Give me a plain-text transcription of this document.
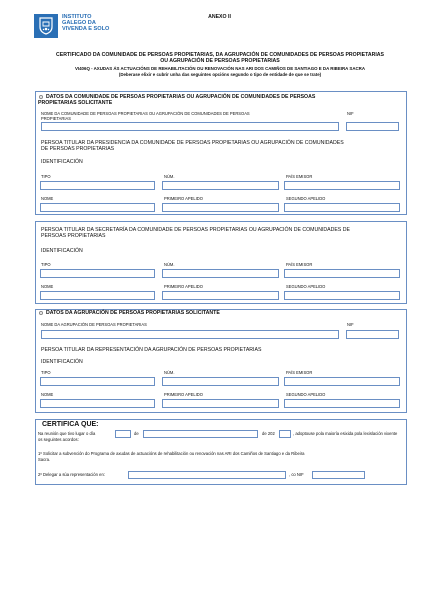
INSTITUTO
GALEGO DA
VIVENDA E SOLO
ANEXO II
CERTIFICADO DA COMUNIDADE DE PERSOAS PROPIETARIAS, DA AGRUPACIÓN DE COMUNIDADES DE PERSOAS PROPIETARIAS
OU AGRUPACIÓN DE PERSOAS PROPIETARIAS
VI406Q - AXUDAS ÁS ACTUACIÓNS DE REHABILITACIÓN OU RENOVACIÓN NAS ARI DOS CAMIÑOS DE SANTIAGO E DA RIBEIRA SACRA
(Deberase elixir e cubrir unha das seguintes opcións segundo o tipo de entidade de que se trate)
DATOS DA COMUNIDADE DE PERSOAS PROPIETARIAS OU AGRUPACIÓN DE COMUNIDADES DE PERSOAS
PROPIETARIAS SOLICITANTE
NOME DA COMUNIDADE DE PERSOAS PROPIETARIAS OU AGRUPACIÓN DE COMUNIDADES DE PERSOAS
PROPIETARIAS
NIF
PERSOA TITULAR DA PRESIDENCIA DA COMUNIDADE DE PERSOAS PROPIETARIAS OU AGRUPACIÓN DE COMUNIDADES
DE PERSOAS PROPIETARIAS
IDENTIFICACIÓN
TIPO	NÚM.	PAÍS EMISOR
NOME	PRIMEIRO APELIDO	SEGUNDO APELIDO
PERSOA TITULAR DA SECRETARÍA DA COMUNIDADE DE PERSOAS PROPIETARIAS OU AGRUPACIÓN DE COMUNIDADES DE
PERSOAS PROPIETARIAS
IDENTIFICACIÓN
TIPO	NÚM.	PAÍS EMISOR
NOME	PRIMEIRO APELIDO	SEGUNDO APELIDO
DATOS DA AGRUPACIÓN DE PERSOAS PROPIETARIAS SOLICITANTE
NOME DA AGRUPACIÓN DE PERSOAS PROPIETARIAS	NIF
PERSOA TITULAR DA REPRESENTACIÓN DA AGRUPACIÓN DE PERSOAS PROPIETARIAS
IDENTIFICACIÓN
TIPO	NÚM.	PAÍS EMISOR
NOME	PRIMEIRO APELIDO	SEGUNDO APELIDO
CERTIFICA QUE:
Na reunión que tivo lugar o día	de	de 202	, adoptouse pola maioría esixida pola lexislación vixente
os seguintes acordos:
1º Solicitar a subvención do Programa de axudas de actuacións de rehabilitación ou renovación nas ARI dos Camiños de Santiago e da Ribeira
Sacra.
2º Delegar a súa representación en:	, co NIF
